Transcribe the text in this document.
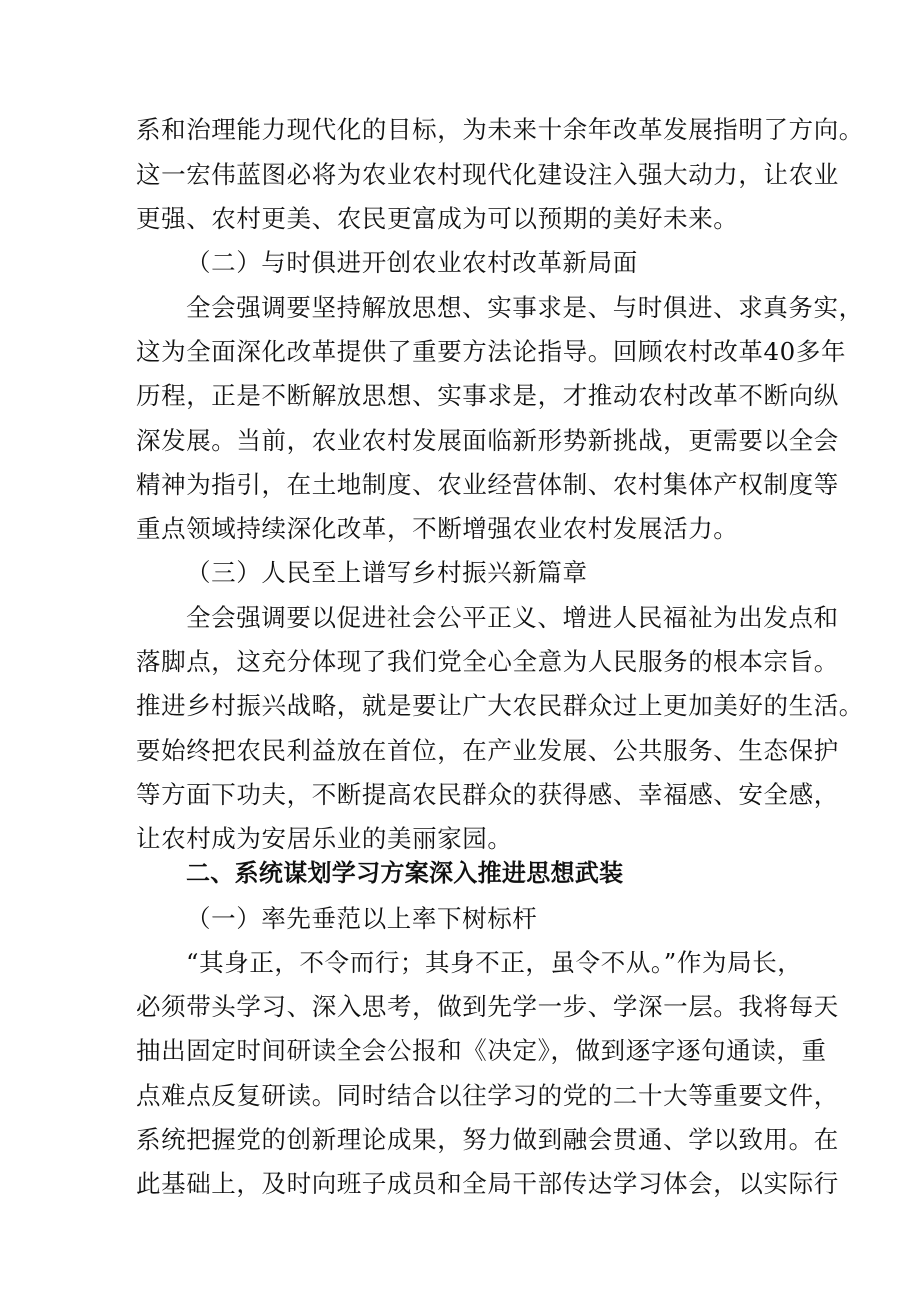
系和治理能力现代化的目标，为未来十余年改革发展指明了方向。
这一宏伟蓝图必将为农业农村现代化建设注入强大动力，让农业
更强、农村更美、农民更富成为可以预期的美好未来。
（二）与时俱进开创农业农村改革新局面
全会强调要坚持解放思想、实事求是、与时俱进、求真务实，
这为全面深化改革提供了重要方法论指导。回顾农村改革40多年
历程，正是不断解放思想、实事求是，才推动农村改革不断向纵
深发展。当前，农业农村发展面临新形势新挑战，更需要以全会
精神为指引，在土地制度、农业经营体制、农村集体产权制度等
重点领域持续深化改革，不断增强农业农村发展活力。
（三）人民至上谱写乡村振兴新篇章
全会强调要以促进社会公平正义、增进人民福祉为出发点和
落脚点，这充分体现了我们党全心全意为人民服务的根本宗旨。
推进乡村振兴战略，就是要让广大农民群众过上更加美好的生活。
要始终把农民利益放在首位，在产业发展、公共服务、生态保护
等方面下功夫，不断提高农民群众的获得感、幸福感、安全感，
让农村成为安居乐业的美丽家园。
二、系统谋划学习方案深入推进思想武装
（一）率先垂范以上率下树标杆
“其身正，不令而行；其身不正，虽令不从。”作为局长，
必须带头学习、深入思考，做到先学一步、学深一层。我将每天
抽出固定时间研读全会公报和《决定》，做到逐字逐句通读，重
点难点反复研读。同时结合以往学习的党的二十大等重要文件，
系统把握党的创新理论成果，努力做到融会贯通、学以致用。在
此基础上，及时向班子成员和全局干部传达学习体会，以实际行
